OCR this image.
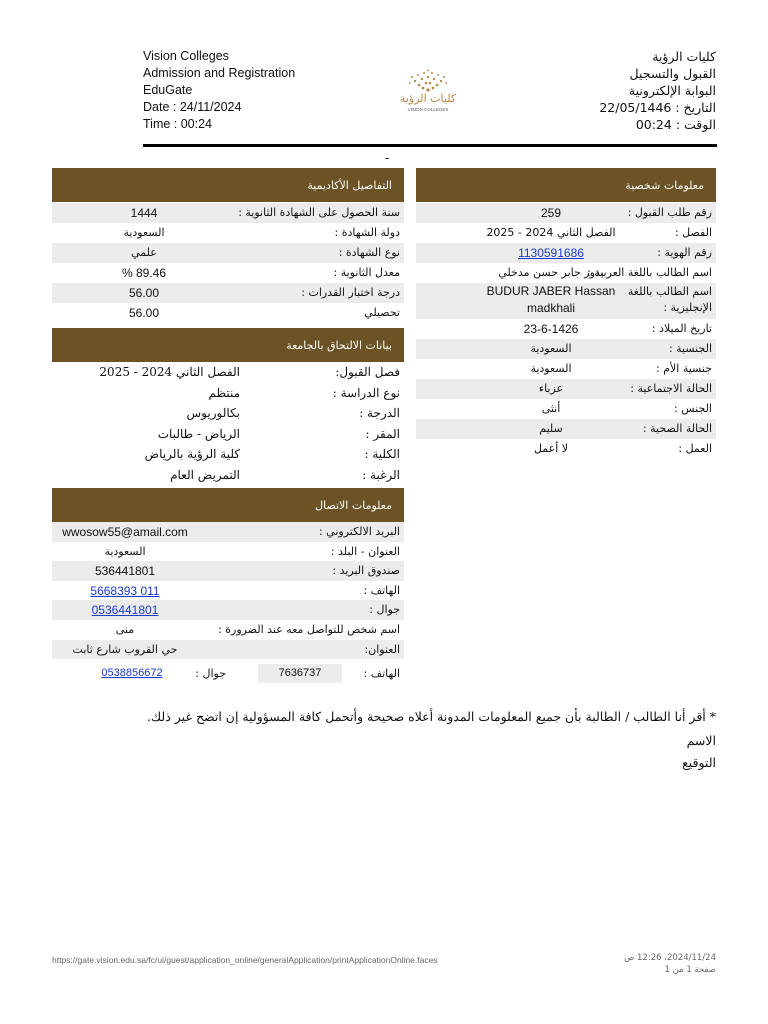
Vision Colleges
Admission and Registration
EduGate
Date : 24/11/2024
Time : 00:24
كليات الرؤية
القبول والتسجيل
البوابة الإلكترونية
التاريخ : 22/05/1446
الوقت : 00:24
كليات الرؤية
VISION COLLEGES
-
معلومات شخصية
رقم طلب القبول :
259
الفصل :
الفصل الثاني 2024 - 2025
رقم الهوية :
1130591686
اسم الطالب باللغة العربية :
بدور جابر حسن مدخلي
اسم الطالب باللغة الإنجليزية :
BUDUR JABER Hassan madkhali
تاريخ الميلاد :
23-6-1426
الجنسية :
السعودية
جنسية الأم :
السعودية
الحالة الاجتماعية :
عزباء
الجنس :
أنثى
الحالة الصحية :
سليم
العمل :
لا أعمل
التفاصيل الأكاديمية
سنة الحصول على الشهادة الثانوية :
1444
دولة الشهادة :
السعودية
نوع الشهادة :
علمي
معدل الثانوية :
89.46 %
درجة اختبار القدرات :
56.00
تحصيلي
56.00
بيانات الالتحاق بالجامعة
فصل القبول:
الفصل الثاني 2024 - 2025
نوع الدراسة :
منتظم
الدرجة :
بكالوريوس
المقر :
الرياض - طالبات
الكلية :
كلية الرؤية بالرياض
الرغبة :
التمريض العام
معلومات الاتصال
البريد الالكتروني :
wwosow55@amail.com
العنوان - البلد :
السعودية
صندوق البريد :
536441801
الهاتف :
011 5668393
جوال :
0536441801
اسم شخص للتواصل معه عند الضرورة :
منى
العنوان:
حي القروب شارع ثابت
الهاتف :
7636737
جوال :
0538856672
* أقر أنا الطالب / الطالبة بأن جميع المعلومات المدونة أعلاه صحيحة وأتحمل كافة المسؤولية إن اتضح غير ذلك.
الاسم
التوقيع
https://gate.vision.edu.sa/fc/ui/guest/application_online/generalApplication/printApplicationOnline.faces	2024/11/24، 12:26 ص
صفحة 1 من 1
